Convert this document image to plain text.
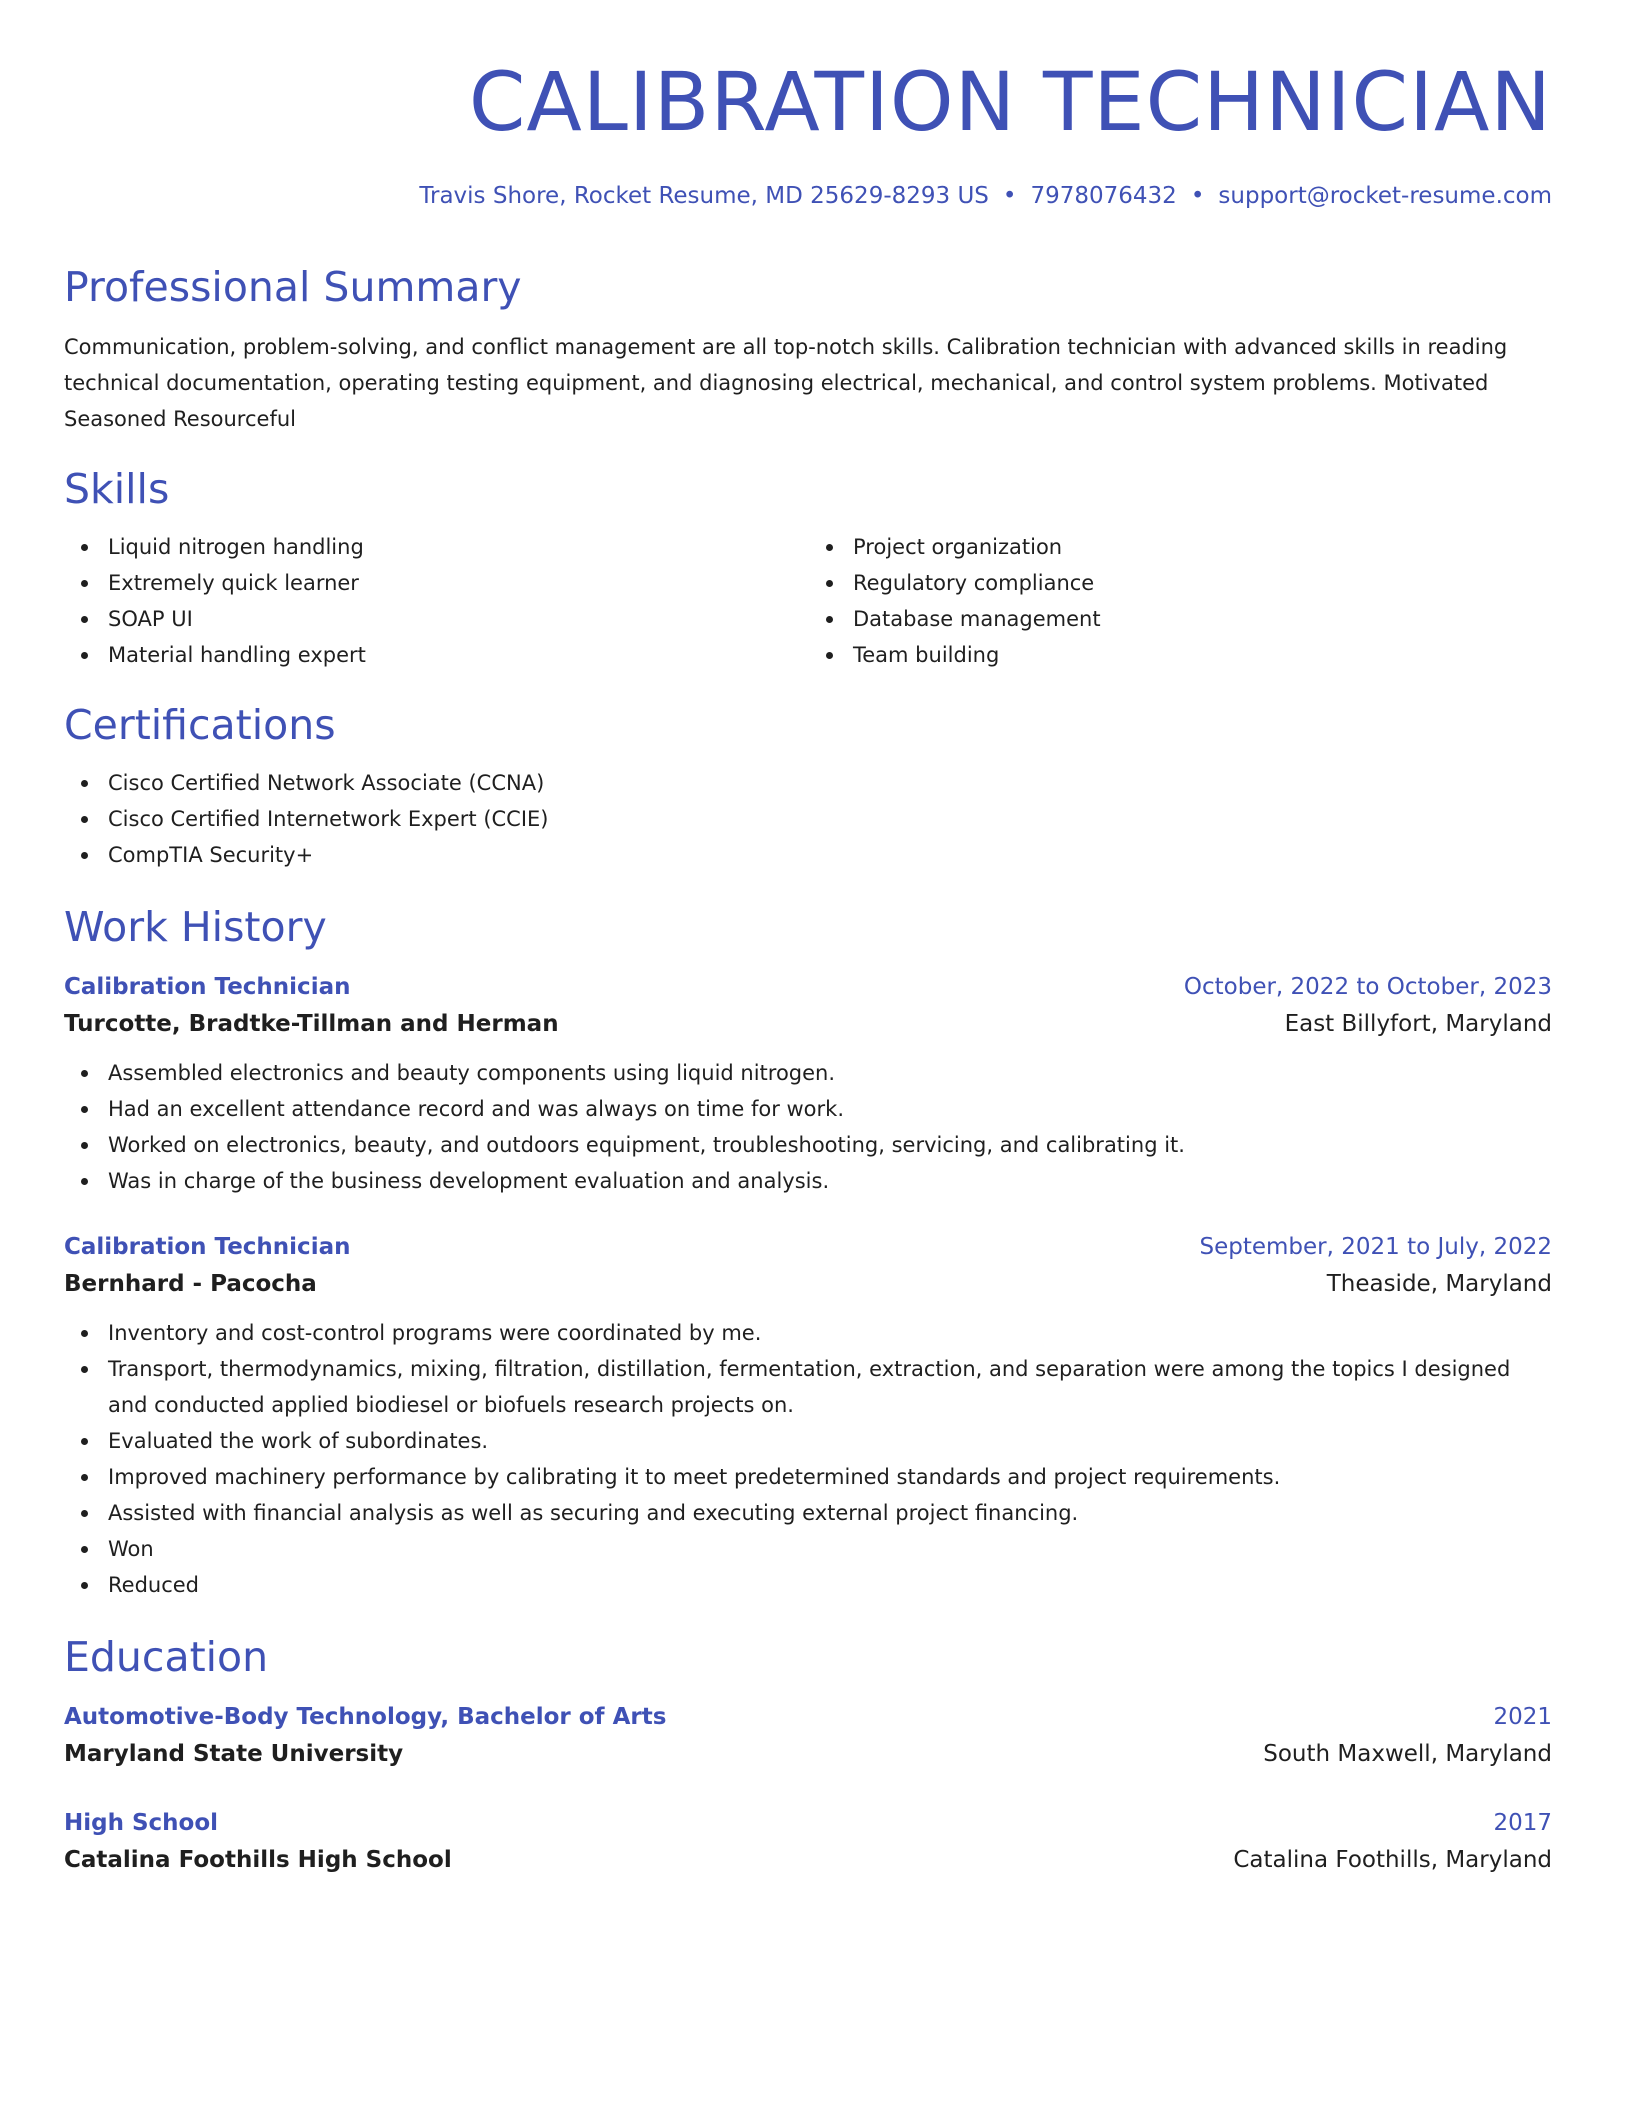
CALIBRATION TECHNICIAN
Travis Shore, Rocket Resume, MD 25629-8293 US • 7978076432 • support@rocket-resume.com
Professional Summary

Communication, problem-solving, and conflict management are all top-notch skills. Calibration technician with advanced skills in reading technical documentation, operating testing equipment, and diagnosing electrical, mechanical, and control system problems. Motivated Seasoned Resourceful

Skills
Liquid nitrogen handling
Extremely quick learner
SOAP UI
Material handling expert
Project organization
Regulatory compliance
Database management
Team building
Certifications
Cisco Certified Network Associate (CCNA)
Cisco Certified Internetwork Expert (CCIE)
CompTIA Security+
Work History
Calibration Technician	October, 2022 to October, 2023
Turcotte, Bradtke-Tillman and Herman	East Billyfort, Maryland
Assembled electronics and beauty components using liquid nitrogen.
Had an excellent attendance record and was always on time for work.
Worked on electronics, beauty, and outdoors equipment, troubleshooting, servicing, and calibrating it.
Was in charge of the business development evaluation and analysis.
Calibration Technician	September, 2021 to July, 2022
Bernhard - Pacocha	Theaside, Maryland
Inventory and cost-control programs were coordinated by me.
Transport, thermodynamics, mixing, filtration, distillation, fermentation, extraction, and separation were among the topics I designed and conducted applied biodiesel or biofuels research projects on.
Evaluated the work of subordinates.
Improved machinery performance by calibrating it to meet predetermined standards and project requirements.
Assisted with financial analysis as well as securing and executing external project financing.
Won
Reduced
Education
Automotive-Body Technology, Bachelor of Arts	2021
Maryland State University	South Maxwell, Maryland
High School	2017
Catalina Foothills High School	Catalina Foothills, Maryland
